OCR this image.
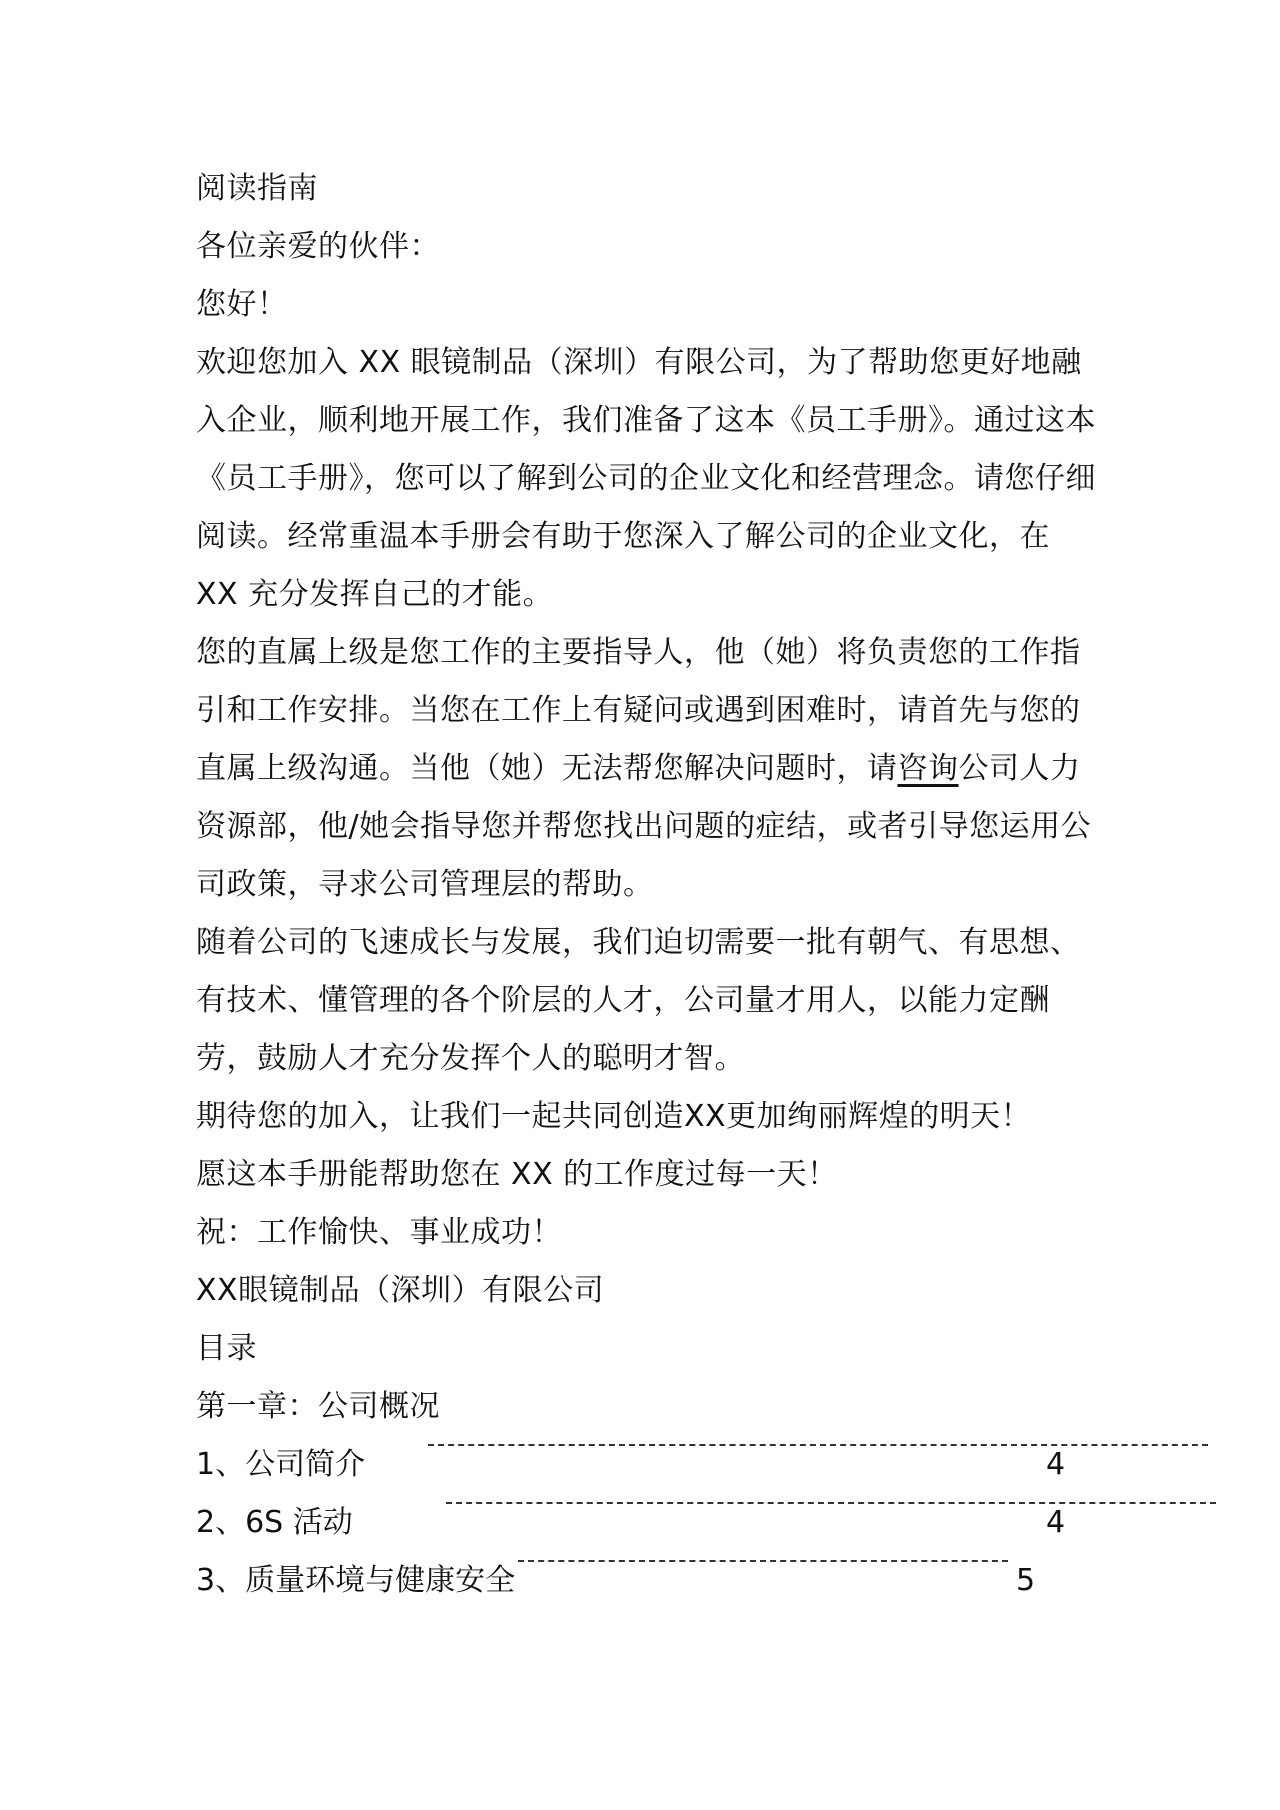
阅读指南
各位亲爱的伙伴：
您好！

欢迎您加入 XX 眼镜制品（深圳）有限公司，为了帮助您更好地融入企业，顺利地开展工作，我们准备了这本《员工手册》。通过这本《员工手册》，您可以了解到公司的企业文化和经营理念。请您仔细阅读。经常重温本手册会有助于您深入了解公司的企业文化，在 XX 充分发挥自己的才能。

您的直属上级是您工作的主要指导人，他（她）将负责您的工作指引和工作安排。当您在工作上有疑问或遇到困难时，请首先与您的直属上级沟通。当他（她）无法帮您解决问题时，请咨询公司人力资源部，他/她会指导您并帮您找出问题的症结，或者引导您运用公司政策，寻求公司管理层的帮助。

随着公司的飞速成长与发展，我们迫切需要一批有朝气、有思想、有技术、懂管理的各个阶层的人才，公司量才用人，以能力定酬劳，鼓励人才充分发挥个人的聪明才智。

期待您的加入，让我们一起共同创造XX更加绚丽辉煌的明天！
愿这本手册能帮助您在 XX 的工作度过每一天！
祝：工作愉快、事业成功！
XX眼镜制品（深圳）有限公司
目录
第一章：公司概况
1、公司简介	4
2、6S 活动	4
3、质量环境与健康安全	5
